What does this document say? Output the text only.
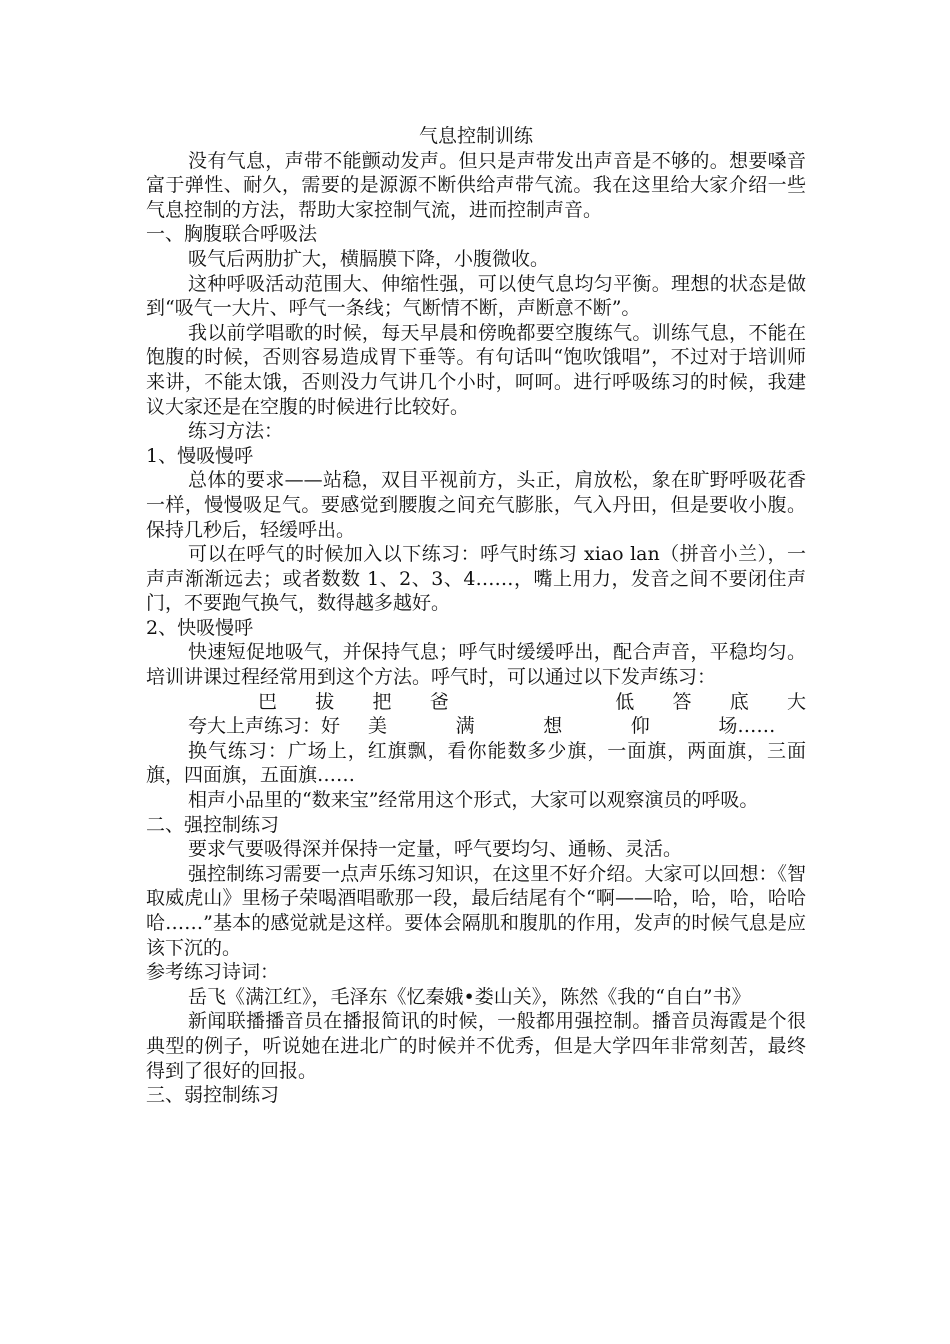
气息控制训练

没有气息，声带不能颤动发声。但只是声带发出声音是不够的。想要嗓音富于弹性、耐久，需要的是源源不断供给声带气流。我在这里给大家介绍一些气息控制的方法，帮助大家控制气流，进而控制声音。

一、胸腹联合呼吸法

吸气后两肋扩大，横膈膜下降，小腹微收。

这种呼吸活动范围大、伸缩性强，可以使气息均匀平衡。理想的状态是做到“吸气一大片、呼气一条线；气断情不断，声断意不断”。

我以前学唱歌的时候，每天早晨和傍晚都要空腹练气。训练气息，不能在饱腹的时候，否则容易造成胃下垂等。有句话叫“饱吹饿唱”，不过对于培训师来讲，不能太饿，否则没力气讲几个小时，呵呵。进行呼吸练习的时候，我建议大家还是在空腹的时候进行比较好。

练习方法：

1、慢吸慢呼

总体的要求——站稳，双目平视前方，头正，肩放松，象在旷野呼吸花香一样，慢慢吸足气。要感觉到腰腹之间充气膨胀，气入丹田，但是要收小腹。保持几秒后，轻缓呼出。

可以在呼气的时候加入以下练习：呼气时练习 xiao lan（拼音小兰），一声声渐渐远去；或者数数 1、2、3、4……，嘴上用力，发音之间不要闭住声门，不要跑气换气，数得越多越好。

2、快吸慢呼

快速短促地吸气，并保持气息；呼气时缓缓呼出，配合声音，平稳均匀。培训讲课过程经常用到这个方法。呼气时，可以通过以下发声练习：

巴 拔 把 爸	低 答 底 大
夸大上声练习：好 美	满	想	仰	场……

换气练习：广场上，红旗飘，看你能数多少旗，一面旗，两面旗，三面旗，四面旗，五面旗……

相声小品里的“数来宝”经常用这个形式，大家可以观察演员的呼吸。

二、强控制练习

要求气要吸得深并保持一定量，呼气要均匀、通畅、灵活。

强控制练习需要一点声乐练习知识，在这里不好介绍。大家可以回想：《智取威虎山》里杨子荣喝酒唱歌那一段，最后结尾有个“啊——哈，哈，哈，哈哈哈……”基本的感觉就是这样。要体会隔肌和腹肌的作用，发声的时候气息是应该下沉的。

参考练习诗词：

岳飞《满江红》，毛泽东《忆秦娥•娄山关》，陈然《我的“自白”书》

新闻联播播音员在播报简讯的时候，一般都用强控制。播音员海霞是个很典型的例子，听说她在进北广的时候并不优秀，但是大学四年非常刻苦，最终得到了很好的回报。

三、弱控制练习
